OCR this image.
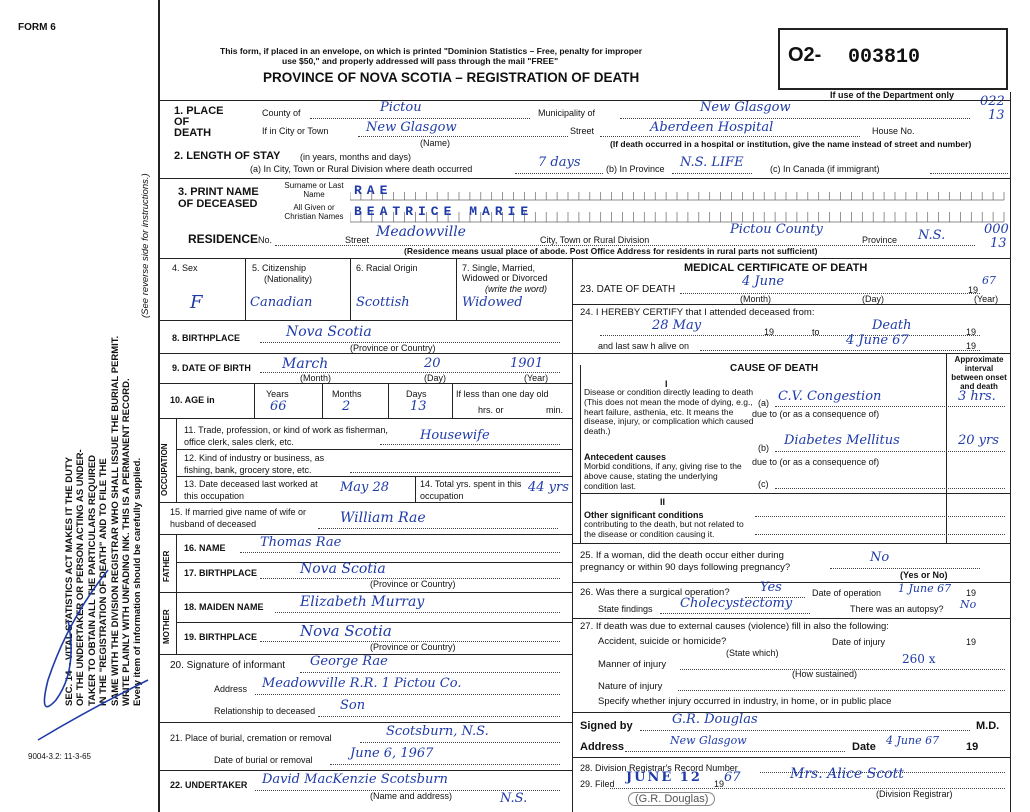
FORM 6
9004-3.2: 11-3-65
SEC. 14 – VITAL STATISTICS ACT MAKES IT THE DUTY OF THE UNDERTAKER OR PERSON ACTING AS UNDER- TAKER TO OBTAIN ALL THE PARTICULARS REQUIRED IN THE "REGISTRATION OF DEATH" AND TO FILE THE SAME WITH THE DIVISION REGISTRAR WHO SHALL ISSUE THE BURIAL PERMIT. WRITE PLAINLY WITH UNFADING INK. THIS IS A PERMANENT RECORD. Every item of information should be carefully supplied.
(See reverse side for instructions.)
This form, if placed in an envelope, on which is printed "Dominion Statistics – Free, penalty for improper
use $50," and properly addressed will pass through the mail "FREE"
PROVINCE OF NOVA SCOTIA – REGISTRATION OF DEATH
O2- 003810
If use of the Department only 022
13
000
13
1. PLACE OF DEATH
County of	Pictou	Municipality of	New Glasgow
If in City or Town	New Glasgow
(Name)
Street	Aberdeen Hospital	House No.
(If death occurred in a hospital or institution, give the name instead of street and number)
2. LENGTH OF STAY (in years, months and days)
(a) In City, Town or Rural Division where death occurred	7 days	(b) In Province N.S. LIFE	(c) In Canada (if immigrant)
3. PRINT NAME OF DECEASED
Surname or Last Name
All Given or Christian Names
RAE
BEATRICE MARIE
RESIDENCE No.	Street Meadowville	City, Town or Rural Division
Pictou County
Province N.S.
(Residence means usual place of abode. Post Office Address for residents in rural parts not sufficient)
4. Sex
F
5. Citizenship
(Nationality)
Canadian
6. Racial Origin
Scottish
7. Single, Married, Widowed or Divorced
(write the word)
Widowed
8. BIRTHPLACE	Nova Scotia
(Province or Country)
9. DATE OF BIRTH March	20	1901
(Month)	(Day)	(Year)
10. AGE in
Years	Months	Days
66	2	13
If less than one day old
hrs. or	min.
OCCUPATION
11. Trade, profession, or kind of work as fisherman, office clerk, sales clerk, etc.	Housewife
12. Kind of industry or business, as fishing, bank, grocery store, etc.
13. Date deceased last worked at this occupation
May 28	14. Total yrs. spent in this occupation
44 yrs
15. If married give name of wife or husband of deceased	William Rae
FATHER
16. NAME	Thomas Rae
17. BIRTHPLACE	Nova Scotia
(Province or Country)
MOTHER
18. MAIDEN NAME	Elizabeth Murray
19. BIRTHPLACE	Nova Scotia
(Province or Country)
20. Signature of informant George Rae
Address Meadowville R.R. 1 Pictou Co.
Relationship to deceased Son
21. Place of burial, cremation or removal	Scotsburn, N.S.
Date of burial or removal	June 6, 1967
22. UNDERTAKER David MacKenzie Scotsburn
N.S.
(Name and address)
MEDICAL CERTIFICATE OF DEATH
23. DATE OF DEATH
4 June
19
67
(Month)	(Day)	(Year)
24. I HEREBY CERTIFY that I attended deceased from:
28 May	19	to	Death	19
and last saw h alive on	4 June 67	19
CAUSE OF DEATH
Approximate interval between onset and death
I
Disease or condition directly leading to death (This does not mean the mode of dying, e.g., heart failure, asthenia, etc. It means the disease, injury, or complication which caused death.)
(a) C.V. Congestion	3 hrs.
due to (or as a consequence of)
(b) Diabetes Mellitus	20 yrs
Antecedent causes
Morbid conditions, if any, giving rise to the above cause, stating the underlying condition last.
due to (or as a consequence of)
(c)
II
Other significant conditions
contributing to the death, but not related to the disease or condition causing it.
25. If a woman, did the death occur either during pregnancy or within 90 days following pregnancy?
No
(Yes or No)
26. Was there a surgical operation? Yes	Date of operation 1 June 67 19
State findings Cholecystectomy	There was an autopsy? No
27. If death was due to external causes (violence) fill in also the following:
Accident, suicide or homicide?	Date of injury	19
(State which)
Manner of injury	260 x
(How sustained)
Nature of injury
Specify whether injury occurred in industry, in home, or in public place
Signed by	G.R. Douglas	M.D.
Address	New Glasgow	Date 4 June 67 19
28. Division Registrar's Record Number
29. Filed JUNE 12 19 67	Mrs. Alice Scott
(Division Registrar)
(G.R. Douglas)
